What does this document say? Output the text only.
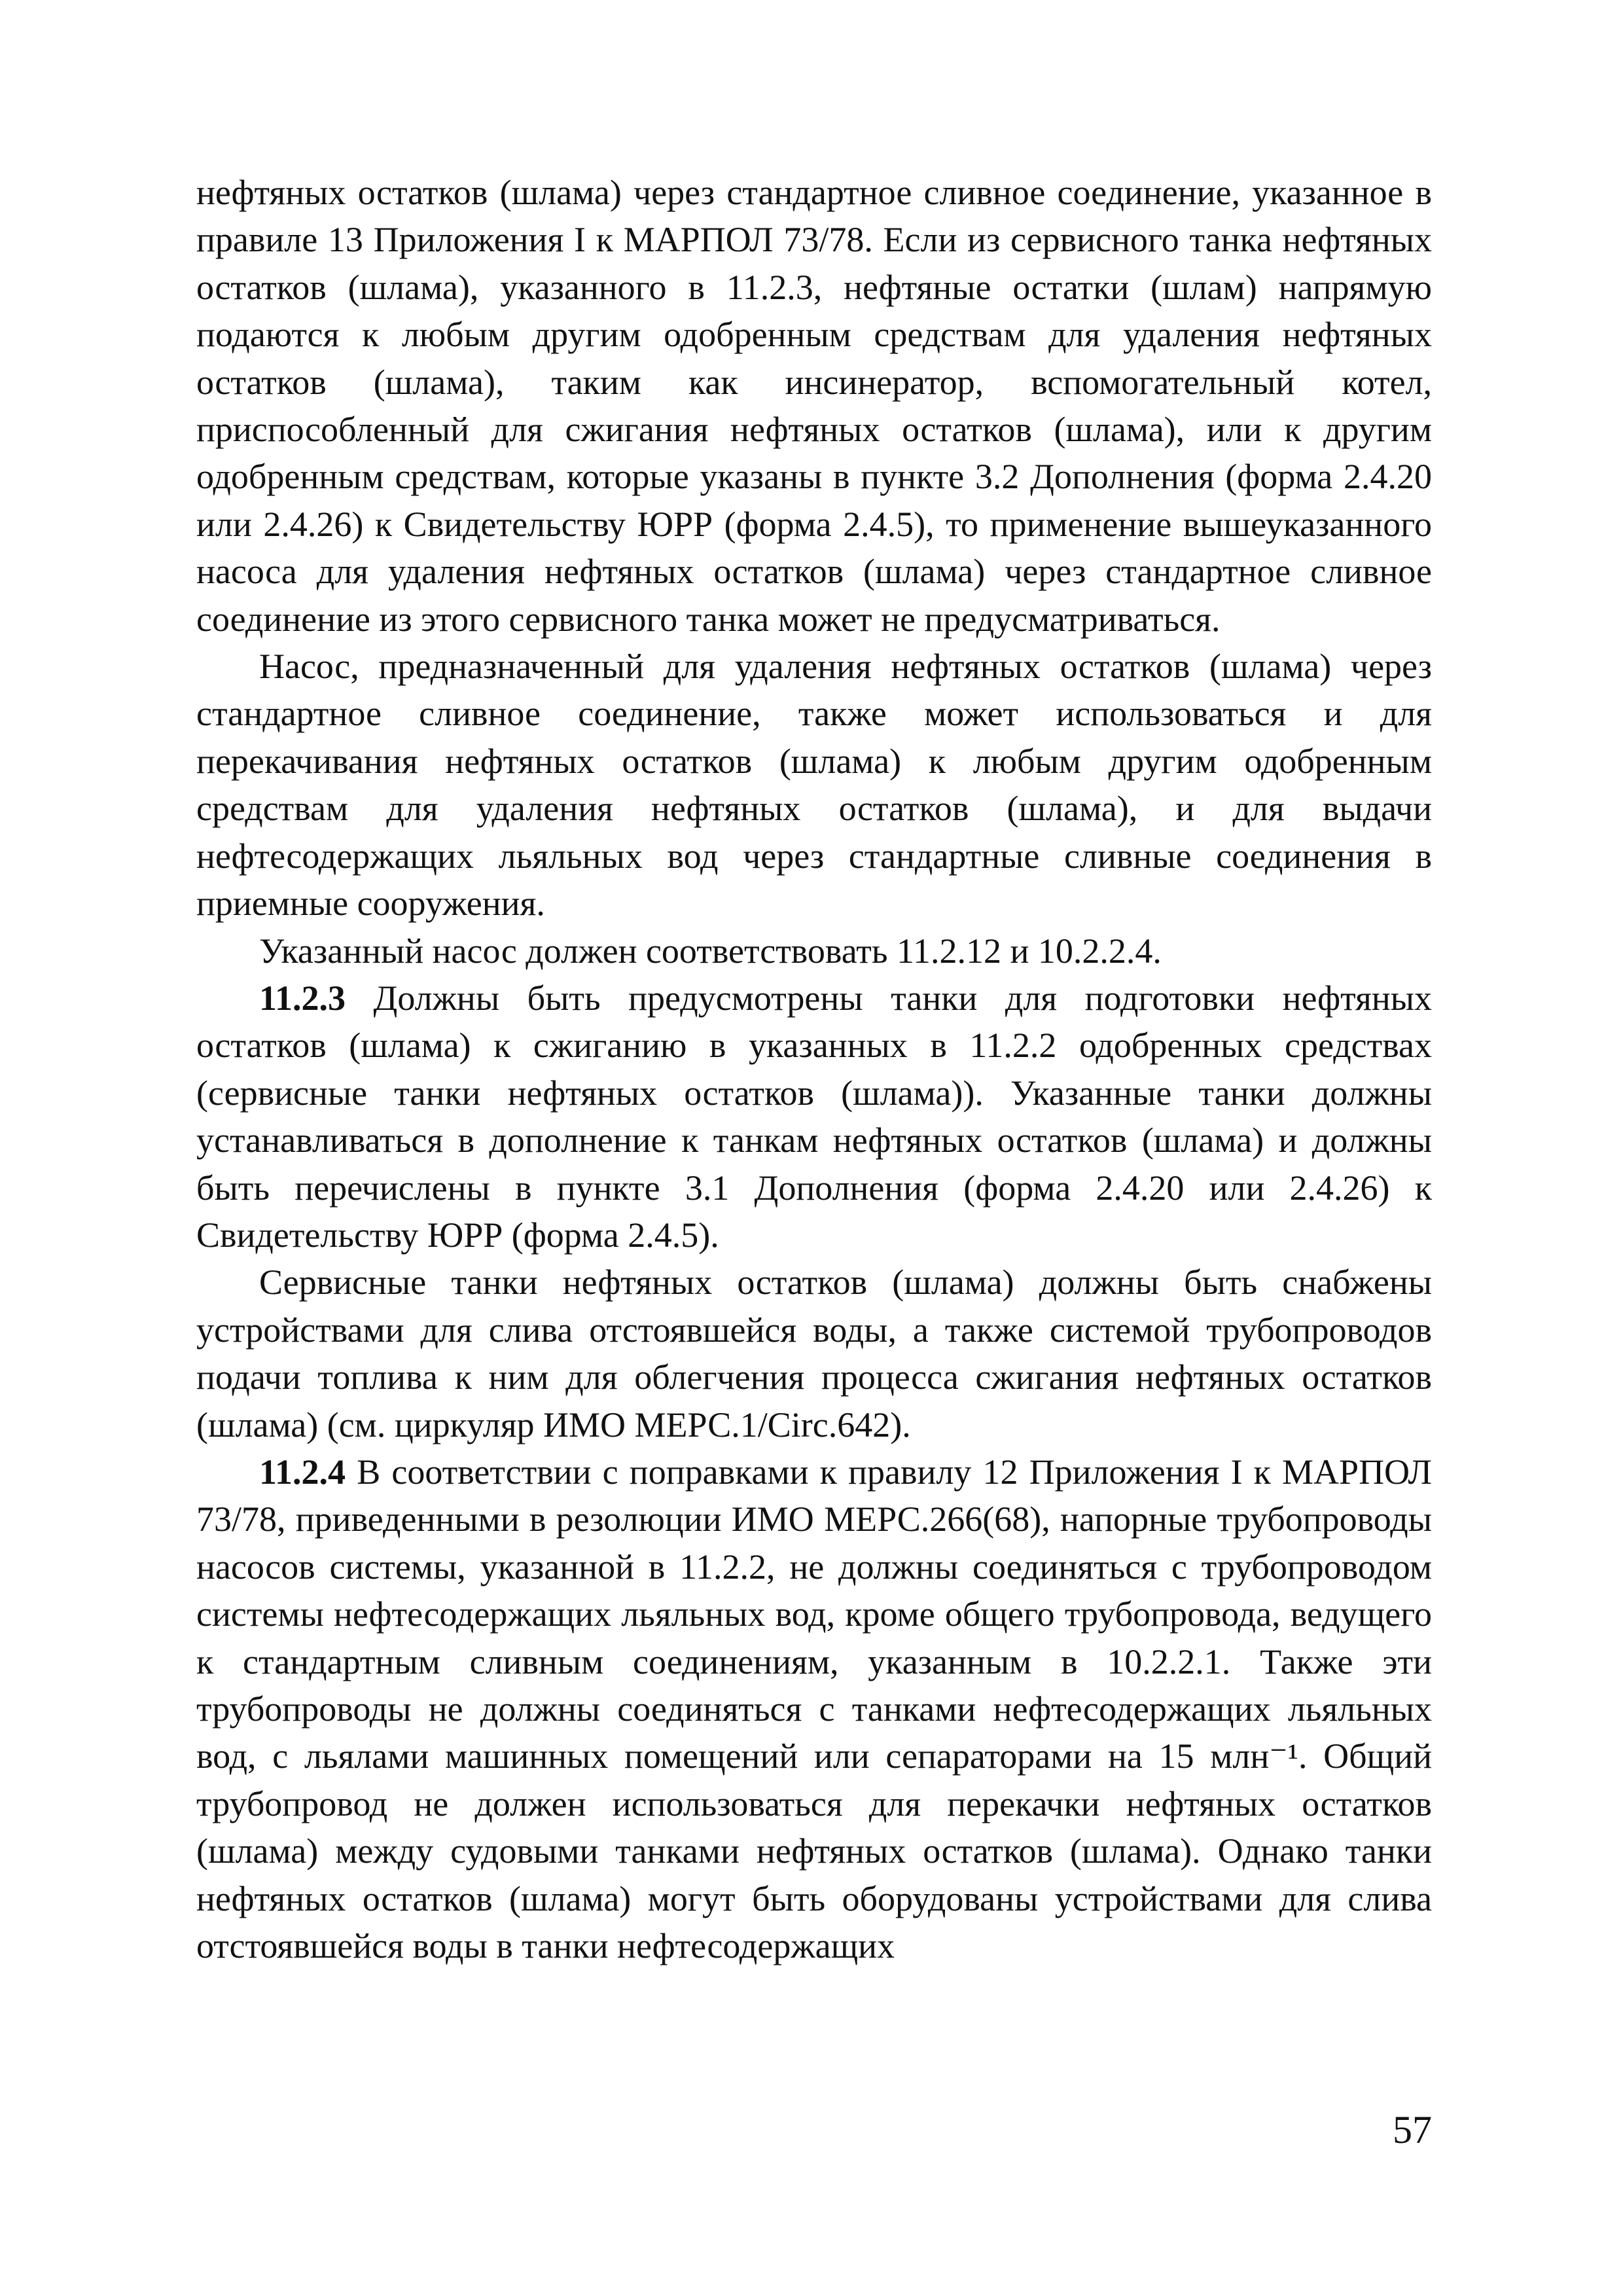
нефтяных остатков (шлама) через стандартное сливное соединение, указанное в правиле 13 Приложения I к МАРПОЛ 73/78. Если из сервисного танка нефтяных остатков (шлама), указанного в 11.2.3, нефтяные остатки (шлам) напрямую подаются к любым другим одобренным средствам для удаления нефтяных остатков (шлама), таким как инсинератор, вспомогательный котел, приспособленный для сжигания нефтяных остатков (шлама), или к другим одобренным средствам, которые указаны в пункте 3.2 Дополнения (форма 2.4.20 или 2.4.26) к Свидетельству ЮРР (форма 2.4.5), то применение вышеуказанного насоса для удаления нефтяных остатков (шлама) через стандартное сливное соединение из этого сервисного танка может не предусматриваться.

Насос, предназначенный для удаления нефтяных остатков (шлама) через стандартное сливное соединение, также может использоваться и для перекачивания нефтяных остатков (шлама) к любым другим одобренным средствам для удаления нефтяных остатков (шлама), и для выдачи нефтесодержащих льяльных вод через стандартные сливные соединения в приемные сооружения.

Указанный насос должен соответствовать 11.2.12 и 10.2.2.4.

11.2.3 Должны быть предусмотрены танки для подготовки нефтяных остатков (шлама) к сжиганию в указанных в 11.2.2 одобренных средствах (сервисные танки нефтяных остатков (шлама)). Указанные танки должны устанавливаться в дополнение к танкам нефтяных остатков (шлама) и должны быть перечислены в пункте 3.1 Дополнения (форма 2.4.20 или 2.4.26) к Свидетельству ЮРР (форма 2.4.5).

Сервисные танки нефтяных остатков (шлама) должны быть снабжены устройствами для слива отстоявшейся воды, а также системой трубопроводов подачи топлива к ним для облегчения процесса сжигания нефтяных остатков (шлама) (см. циркуляр ИМО МЕРС.1/Circ.642).

11.2.4 В соответствии с поправками к правилу 12 Приложения I к МАРПОЛ 73/78, приведенными в резолюции ИМО МЕРС.266(68), напорные трубопроводы насосов системы, указанной в 11.2.2, не должны соединяться с трубопроводом системы нефтесодержащих льяльных вод, кроме общего трубопровода, ведущего к стандартным сливным соединениям, указанным в 10.2.2.1. Также эти трубопроводы не должны соединяться с танками нефтесодержащих льяльных вод, с льялами машинных помещений или сепараторами на 15 млн⁻¹. Общий трубопровод не должен использоваться для перекачки нефтяных остатков (шлама) между судовыми танками нефтяных остатков (шлама). Однако танки нефтяных остатков (шлама) могут быть оборудованы устройствами для слива отстоявшейся воды в танки нефтесодержащих

57
